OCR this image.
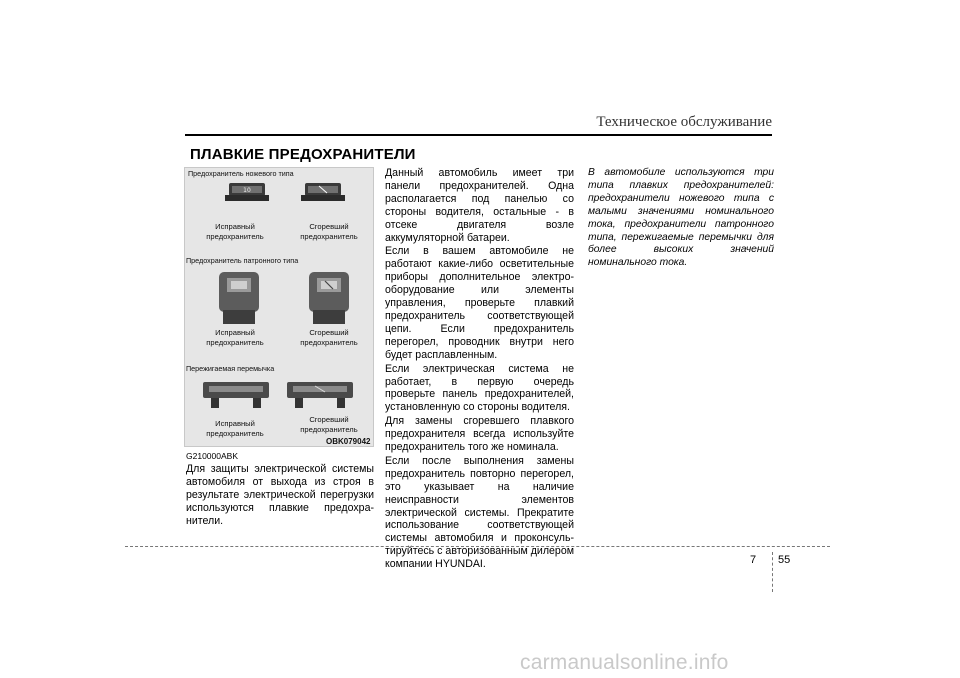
Техническое обслуживание
ПЛАВКИЕ ПРЕДОХРАНИТЕЛИ
Предохранитель ножевого типа
10
Исправный
предохранитель
Сгоревший
предохранитель
Предохранитель патронного типа
Исправный
предохранитель
Сгоревший
предохранитель
Пережигаемая перемычка
Исправный
предохранитель
Сгоревший
предохранитель
OBK079042
G210000ABK

Для защиты электрической системы автомобиля от выхода из строя в результате электрической перегрузки используются плавкие предохра-нители.

Данный автомобиль имеет три панели предохранителей. Одна располагается под панелью со стороны водителя, остальные - в отсеке двигателя возле аккумуляторной батареи.

Если в вашем автомобиле не работают какие-либо осветительные приборы дополнительное электро-оборудование или элементы управления, проверьте плавкий предохранитель соответствующей цепи. Если предохранитель перегорел, проводник внутри него будет расплавленным.

Если электрическая система не работает, в первую очередь проверьте панель предохранителей, установленную со стороны водителя.

Для замены сгоревшего плавкого предохранителя всегда используйте предохранитель того же номинала.

Если после выполнения замены предохранитель повторно перегорел, это указывает на наличие неисправности элементов электрической системы. Прекратите использование соответствующей системы автомобиля и проконсуль-тируйтесь с авторизованным дилером компании HYUNDAI.

В автомобиле используются три типа плавких предохранителей: предохранители ножевого типа с малыми значениями номинального тока, предохранители патронного типа, пережигаемые перемычки для более высоких значений номинального тока.

7 55
carmanualsonline.info
